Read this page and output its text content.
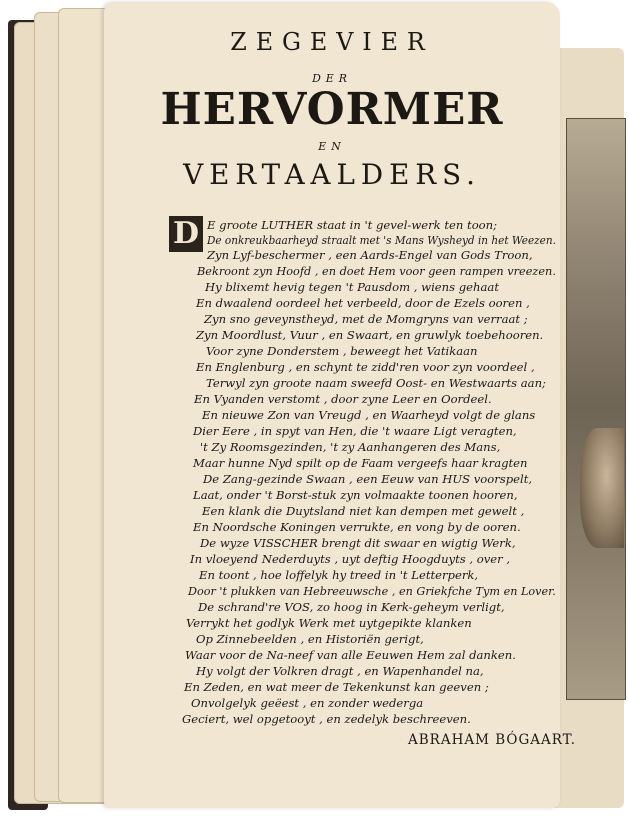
ZEGEVIER
DER
HERVORMER
EN
VERTAALDERS.
D E groote LUTHER staat in 't gevel-werk ten toon;

De onkreukbaarheyd straalt met 's Mans Wysheyd in het Weezen.

Zyn Lyf-beschermer , een Aards-Engel van Gods Troon,

Bekroont zyn Hoofd , en doet Hem voor geen rampen vreezen.

Hy blixemt hevig tegen 't Pausdom , wiens gehaat

En dwaalend oordeel het verbeeld, door de Ezels ooren ,

Zyn sno geveynstheyd, met de Momgryns van verraat ;

Zyn Moordlust, Vuur , en Swaart, en gruwlyk toebehooren.

Voor zyne Donderstem , beweegt het Vatikaan

En Englenburg , en schynt te zidd'ren voor zyn voordeel ,

Terwyl zyn groote naam sweefd Oost- en Westwaarts aan;

En Vyanden verstomt , door zyne Leer en Oordeel.

En nieuwe Zon van Vreugd , en Waarheyd volgt de glans

Dier Eere , in spyt van Hen, die 't waare Ligt veragten,

't Zy Roomsgezinden, 't zy Aanhangeren des Mans,

Maar hunne Nyd spilt op de Faam vergeefs haar kragten

De Zang-gezinde Swaan , een Eeuw van HUS voorspelt,

Laat, onder 't Borst-stuk zyn volmaakte toonen hooren,

Een klank die Duytsland niet kan dempen met gewelt ,

En Noordsche Koningen verrukte, en vong by de ooren.

De wyze VISSCHER brengt dit swaar en wigtig Werk,

In vloeyend Nederduyts , uyt deftig Hoogduyts , over ,

En toont , hoe loffelyk hy treed in 't Letterperk,

Door 't plukken van Hebreeuwsche , en Griekfche Tym en Lover.

De schrand're VOS, zo hoog in Kerk-geheym verligt,

Verrykt het godlyk Werk met uytgepikte klanken

Op Zinnebeelden , en Historiën gerigt,

Waar voor de Na-neef van alle Eeuwen Hem zal danken.

Hy volgt der Volkren dragt , en Wapenhandel na,

En Zeden, en wat meer de Tekenkunst kan geeven ;

Onvolgelyk geëest , en zonder wederga

Geciert, wel opgetooyt , en zedelyk beschreeven.

ABRAHAM BÓGAART.
